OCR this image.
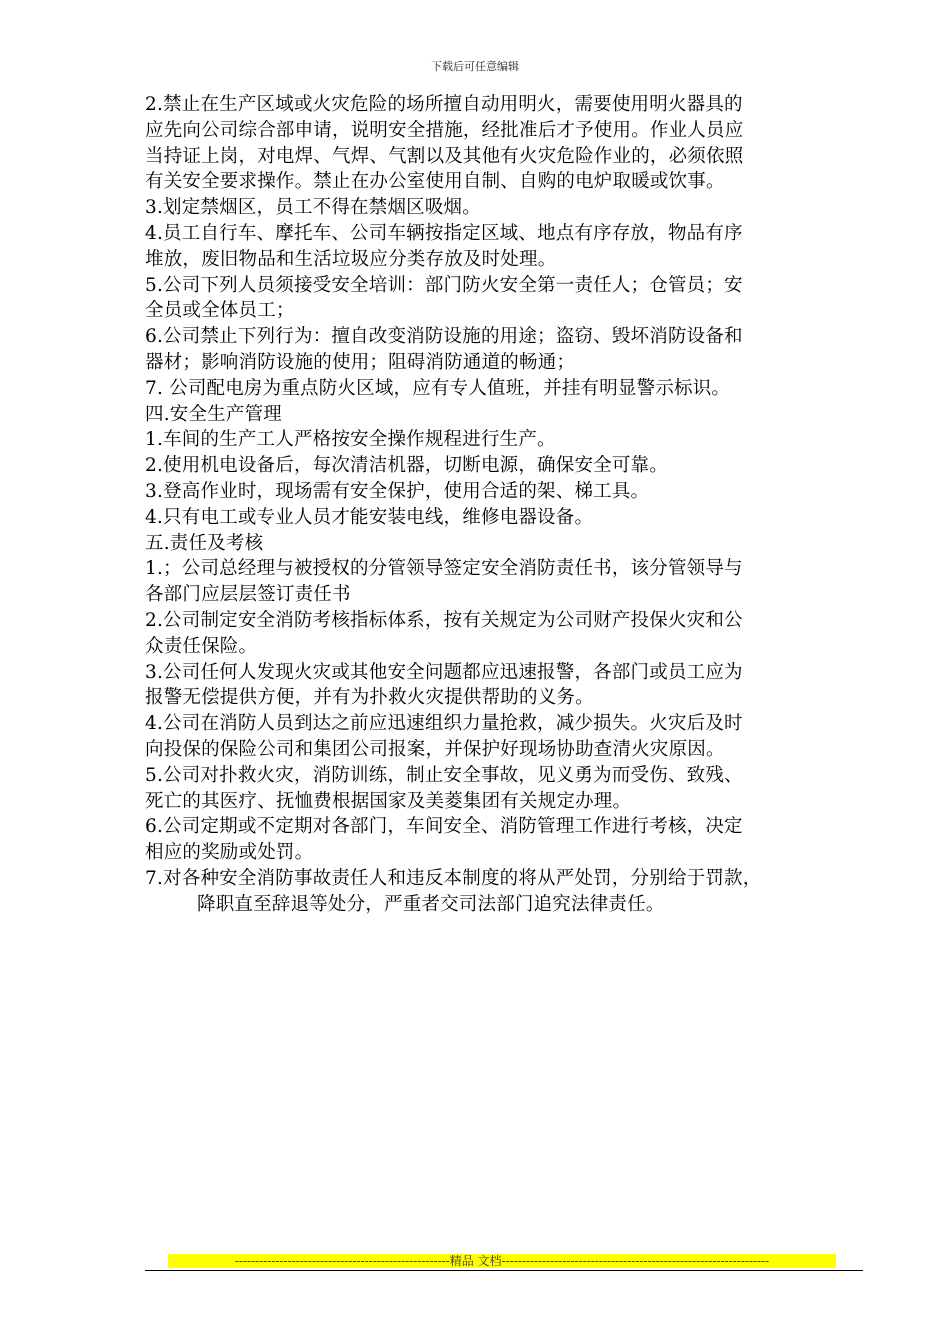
下载后可任意编辑
2.禁止在生产区域或火灾危险的场所擅自动用明火，需要使用明火器具的
应先向公司综合部申请，说明安全措施，经批准后才予使用。作业人员应
当持证上岗，对电焊、气焊、气割以及其他有火灾危险作业的，必须依照
有关安全要求操作。禁止在办公室使用自制、自购的电炉取暖或饮事。
3.划定禁烟区，员工不得在禁烟区吸烟。
4.员工自行车、摩托车、公司车辆按指定区域、地点有序存放，物品有序
堆放，废旧物品和生活垃圾应分类存放及时处理。
5.公司下列人员须接受安全培训：部门防火安全第一责任人；仓管员；安
全员或全体员工；
6.公司禁止下列行为：擅自改变消防设施的用途；盗窃、毁坏消防设备和
器材；影响消防设施的使用；阻碍消防通道的畅通；
7. 公司配电房为重点防火区域，应有专人值班，并挂有明显警示标识。
四.安全生产管理
1.车间的生产工人严格按安全操作规程进行生产。
2.使用机电设备后，每次清洁机器，切断电源，确保安全可靠。
3.登高作业时，现场需有安全保护，使用合适的架、梯工具。
4.只有电工或专业人员才能安装电线，维修电器设备。
五.责任及考核
1.；公司总经理与被授权的分管领导签定安全消防责任书，该分管领导与
各部门应层层签订责任书
2.公司制定安全消防考核指标体系，按有关规定为公司财产投保火灾和公
众责任保险。
3.公司任何人发现火灾或其他安全问题都应迅速报警，各部门或员工应为
报警无偿提供方便，并有为扑救火灾提供帮助的义务。
4.公司在消防人员到达之前应迅速组织力量抢救，减少损失。火灾后及时
向投保的保险公司和集团公司报案，并保护好现场协助查清火灾原因。
5.公司对扑救火灾，消防训练，制止安全事故，见义勇为而受伤、致残、
死亡的其医疗、抚恤费根据国家及美菱集团有关规定办理。
6.公司定期或不定期对各部门，车间安全、消防管理工作进行考核，决定
相应的奖励或处罚。
7.对各种安全消防事故责任人和违反本制度的将从严处罚，分别给于罚款，
降职直至辞退等处分，严重者交司法部门追究法律责任。
-----------------------------------------------------精品 文档------------------------------------------------------------------
